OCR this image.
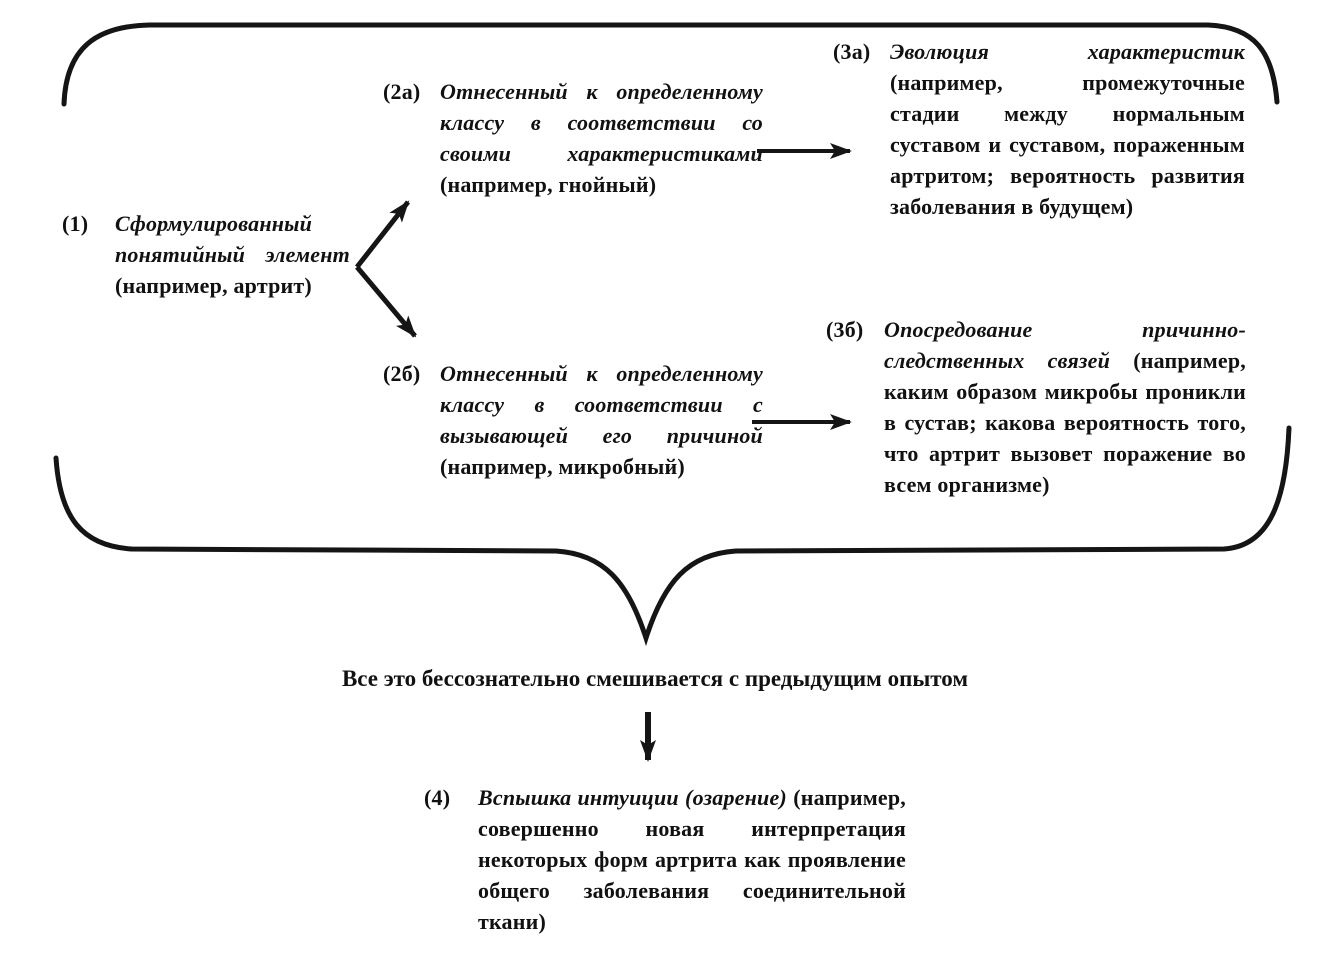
(1)	Сформулированный понятийный элемент (например, артрит)
(2а) Отнесенный к определенному классу в соответствии со своими характеристиками (например, гнойный)
(3а) Эволюция характеристик (например, промежуточные стадии между нормальным суставом и суставом, пораженным артритом; вероятность развития заболевания в будущем)
(2б) Отнесенный к определенному классу в соответствии с вызывающей его причиной (например, микробный)
(3б) Опосредование причинно-следственных связей (например, каким образом микробы проникли в сустав; какова вероятность того, что артрит вызовет поражение во всем организме)
Все это бессознательно смешивается с предыдущим опытом
(4)	Вспышка интуиции (озарение) (например, совершенно новая интерпретация некоторых форм артрита как проявление общего заболевания соединительной ткани)
